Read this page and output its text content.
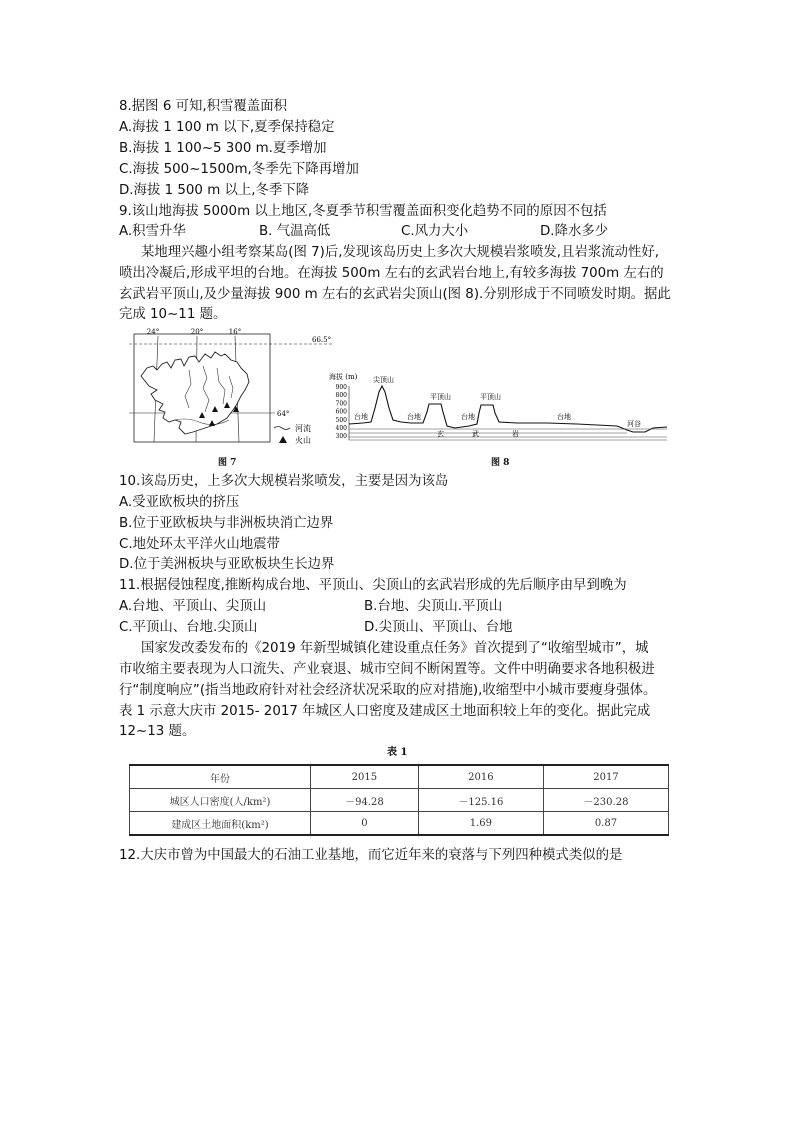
8.据图 6 可知,积雪覆盖面积
A.海拔 1 100 m 以下,夏季保持稳定
B.海拔 1 100~5 300 m.夏季增加
C.海拔 500~1500m,冬季先下降再增加
D.海拔 1 500 m 以上,冬季下降
9.该山地海拔 5000m 以上地区,冬夏季节积雪覆盖面积变化趋势不同的原因不包括
A.积雪升华	B. 气温高低	C.风力大小	D.降水多少
某地理兴趣小组考察某岛(图 7)后,发现该岛历史上多次大规模岩浆喷发,且岩浆流动性好,
喷出冷凝后,形成平坦的台地。在海拔 500m 左右的玄武岩台地上,有较多海拔 700m 左右的
玄武岩平顶山,及少量海拔 900 m 左右的玄武岩尖顶山(图 8).分别形成于不同喷发时期。据此
完成 10~11 题。
24°	20°	16°
66.5°
64°
河流
火山
图 7
海拔 (m)
900
800
700
600
500
400
300
台地
尖顶山
台地
平顶山
台地
平顶山
台地
河谷
玄	武	岩
图 8
10.该岛历史，上多次大规模岩浆喷发，主要是因为该岛
A.受亚欧板块的挤压
B.位于亚欧板块与非洲板块消亡边界
C.地处环太平洋火山地震带
D.位于美洲板块与亚欧板块生长边界
11.根据侵蚀程度,推断构成台地、平顶山、尖顶山的玄武岩形成的先后顺序由早到晚为
A.台地、平顶山、尖顶山	B.台地、尖顶山.平顶山
C.平顶山、台地.尖顶山	D.尖顶山、平顶山、台地
国家发改委发布的《2019 年新型城镇化建设重点任务》首次提到了“收缩型城市”，城
市收缩主要表现为人口流失、产业衰退、城市空间不断闲置等。文件中明确要求各地积极进
行“制度响应”(指当地政府针对社会经济状况采取的应对措施),收缩型中小城市要瘦身强体。
表 1 示意大庆市 2015- 2017 年城区人口密度及建成区土地面积较上年的变化。据此完成
12~13 题。
表 1
年份	2015	2016	2017
城区人口密度(人/km²)	－94.28	－125.16	－230.28
建成区土地面积(km²)	0	1.69	0.87
12.大庆市曾为中国最大的石油工业基地，而它近年来的衰落与下列四种模式类似的是
